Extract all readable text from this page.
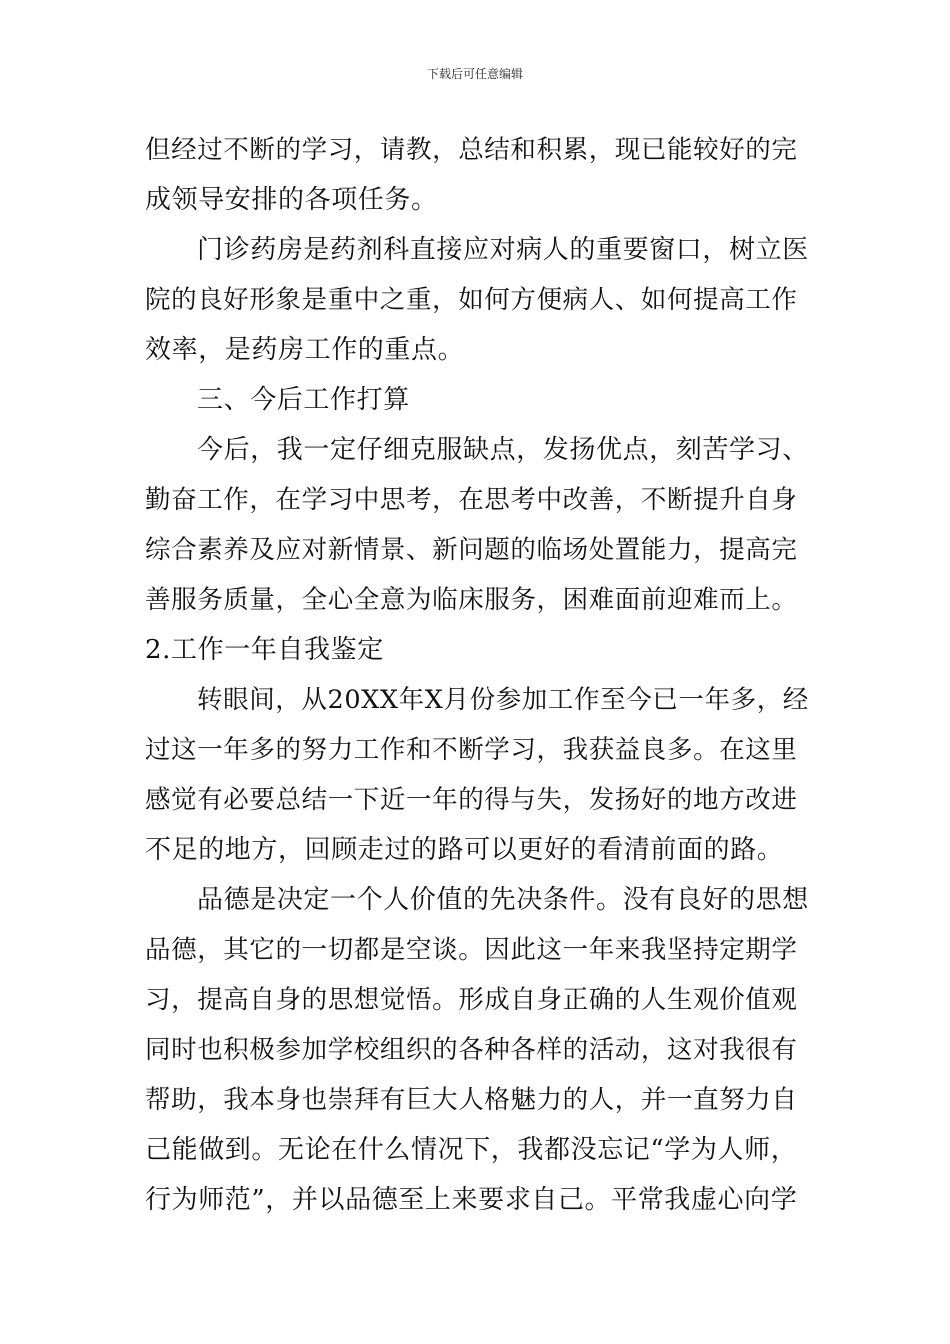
下载后可任意编辑
但经过不断的学习，请教，总结和积累，现已能较好的完
成领导安排的各项任务。
门诊药房是药剂科直接应对病人的重要窗口，树立医
院的良好形象是重中之重，如何方便病人、如何提高工作
效率，是药房工作的重点。
三、今后工作打算
今后，我一定仔细克服缺点，发扬优点，刻苦学习、
勤奋工作，在学习中思考，在思考中改善，不断提升自身
综合素养及应对新情景、新问题的临场处置能力，提高完
善服务质量，全心全意为临床服务，困难面前迎难而上。
2.工作一年自我鉴定
转眼间，从20XX年X月份参加工作至今已一年多，经
过这一年多的努力工作和不断学习，我获益良多。在这里
感觉有必要总结一下近一年的得与失，发扬好的地方改进
不足的地方，回顾走过的路可以更好的看清前面的路。
品德是决定一个人价值的先决条件。没有良好的思想
品德，其它的一切都是空谈。因此这一年来我坚持定期学
习，提高自身的思想觉悟。形成自身正确的人生观价值观
同时也积极参加学校组织的各种各样的活动，这对我很有
帮助，我本身也崇拜有巨大人格魅力的人，并一直努力自
己能做到。无论在什么情况下，我都没忘记“学为人师，
行为师范”，并以品德至上来要求自己。平常我虚心向学
